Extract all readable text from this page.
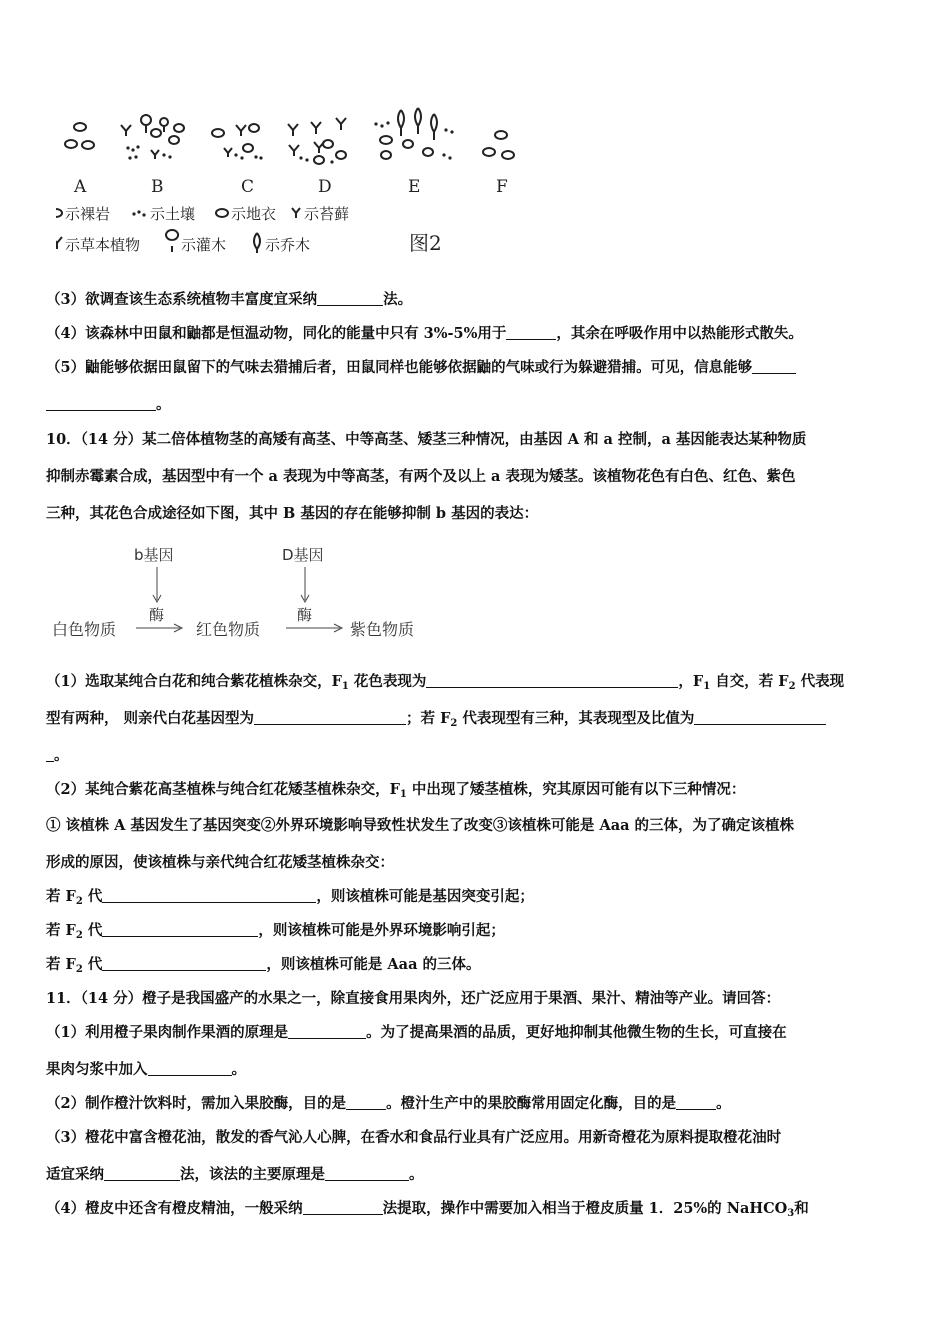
A	B	C	D	E	F
示裸岩	示土壤 示地衣 示苔藓
示草本植物	示灌木	示乔木	图2
（3）欲调查该生态系统植物丰富度宜采纳	法。
（4）该森林中田鼠和鼬都是恒温动物，同化的能量中只有 3%-5%用于	，其余在呼吸作用中以热能形式散失。
（5）鼬能够依据田鼠留下的气味去猎捕后者，田鼠同样也能够依据鼬的气味或行为躲避猎捕。可见，信息能够
。
10．（14 分）某二倍体植物茎的高矮有高茎、中等高茎、矮茎三种情况，由基因 A 和 a 控制，a 基因能表达某种物质
抑制赤霉素合成，基因型中有一个 a 表现为中等高茎，有两个及以上 a 表现为矮茎。该植物花色有白色、红色、紫色
三种，其花色合成途径如下图，其中 B 基因的存在能够抑制 b 基因的表达：
b基因	D基因
酶	酶
白色物质	红色物质	紫色物质
（1）选取某纯合白花和纯合紫花植株杂交，$F_1$ 花色表现为	，$F_1$ 自交，若 $F_2$ 代表现
型有两种， 则亲代白花基因型为	；若 $F_2$ 代表现型有三种，其表现型及比值为
。
（2）某纯合紫花高茎植株与纯合红花矮茎植株杂交，$F_1$ 中出现了矮茎植株，究其原因可能有以下三种情况：
① 该植株 A 基因发生了基因突变②外界环境影响导致性状发生了改变③该植株可能是 Aaa 的三体，为了确定该植株
形成的原因，使该植株与亲代纯合红花矮茎植株杂交：
若 $F_2$ 代	，则该植株可能是基因突变引起；
若 $F_2$ 代	，则该植株可能是外界环境影响引起；
若 $F_2$ 代	，则该植株可能是 Aaa 的三体。
11．（14 分）橙子是我国盛产的水果之一，除直接食用果肉外，还广泛应用于果酒、果汁、精油等产业。请回答：
（1）利用橙子果肉制作果酒的原理是	。为了提高果酒的品质，更好地抑制其他微生物的生长，可直接在
果肉匀浆中加入	。
（2）制作橙汁饮料时，需加入果胶酶，目的是	。橙汁生产中的果胶酶常用固定化酶，目的是	。
（3）橙花中富含橙花油，散发的香气沁人心脾，在香水和食品行业具有广泛应用。用新奇橙花为原料提取橙花油时
适宜采纳	法，该法的主要原理是	。
（4）橙皮中还含有橙皮精油，一般采纳	法提取，操作中需要加入相当于橙皮质量 1．25%的 NaHCO$_3$和
